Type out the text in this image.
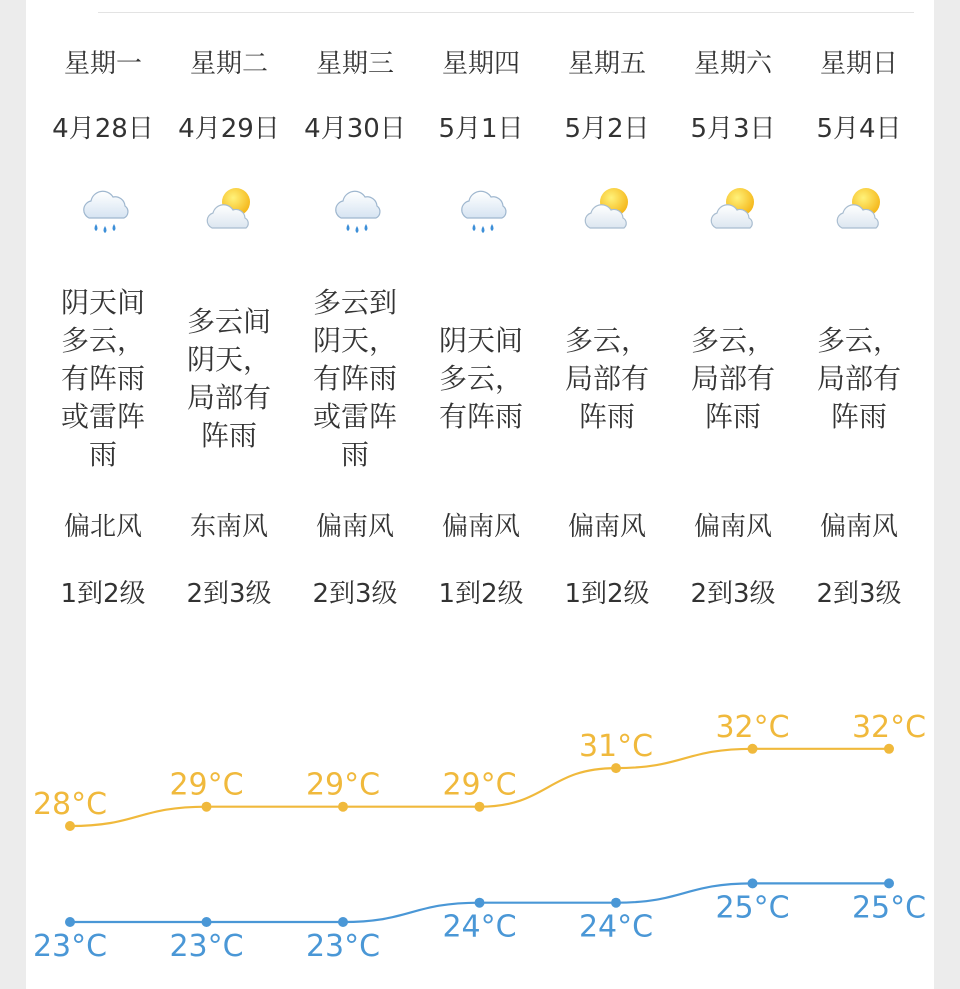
星期一
4月28日
阴天间多云，有阵雨或雷阵雨
偏北风
1到2级
星期二
4月29日
多云间阴天，局部有阵雨
东南风
2到3级
星期三
4月30日
多云到阴天，有阵雨或雷阵雨
偏南风
2到3级
星期四
5月1日
阴天间多云，有阵雨
偏南风
1到2级
星期五
5月2日
多云，局部有阵雨
偏南风
1到2级
星期六
5月3日
多云，局部有阵雨
偏南风
2到3级
星期日
5月4日
多云，局部有阵雨
偏南风
2到3级
28°C
23°C
29°C
23°C
29°C
23°C
29°C
24°C
31°C
24°C
32°C
25°C
32°C
25°C
